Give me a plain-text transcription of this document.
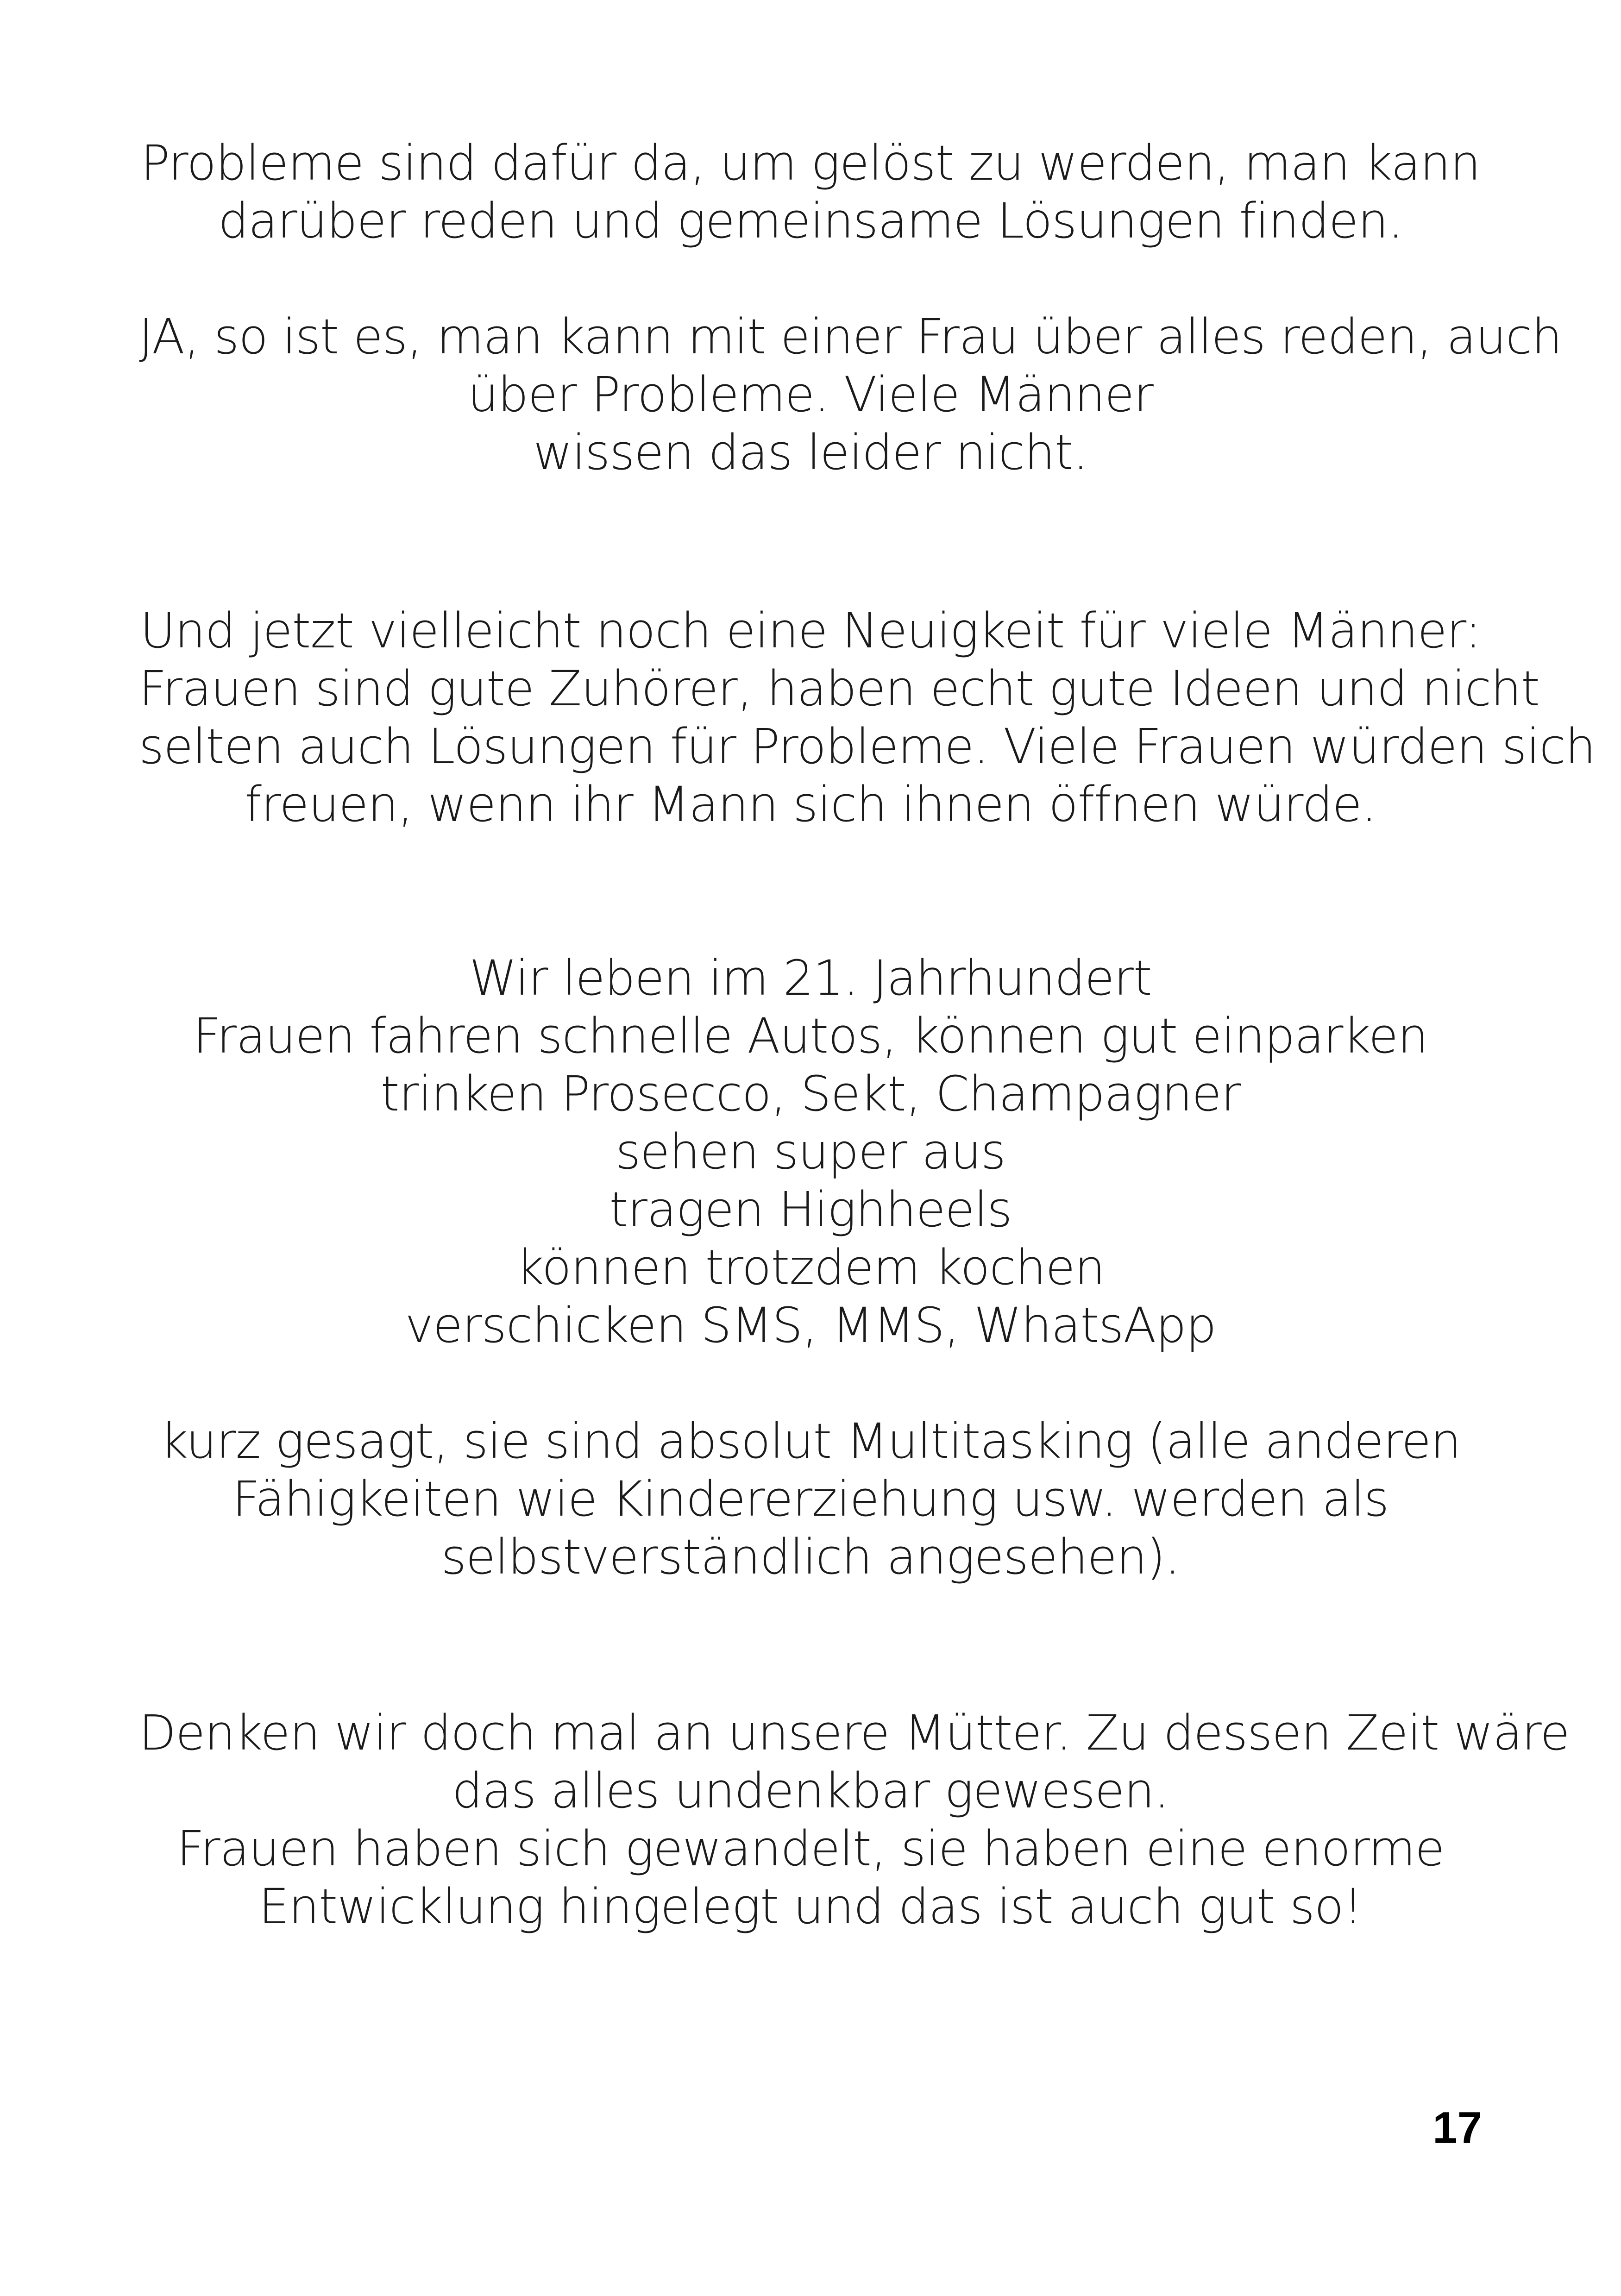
Probleme sind dafür da, um gelöst zu werden, man kann
darüber reden und gemeinsame Lösungen finden.
JA, so ist es, man kann mit einer Frau über alles reden, auch
über Probleme. Viele Männer
wissen das leider nicht.
Und jetzt vielleicht noch eine Neuigkeit für viele Männer:
Frauen sind gute Zuhörer, haben echt gute Ideen und nicht
selten auch Lösungen für Probleme. Viele Frauen würden sich
freuen, wenn ihr Mann sich ihnen öffnen würde.
Wir leben im 21. Jahrhundert
Frauen fahren schnelle Autos, können gut einparken
trinken Prosecco, Sekt, Champagner
sehen super aus
tragen Highheels
können trotzdem kochen
verschicken SMS, MMS, WhatsApp
kurz gesagt, sie sind absolut Multitasking (alle anderen
Fähigkeiten wie Kindererziehung usw. werden als
selbstverständlich angesehen).
Denken wir doch mal an unsere Mütter. Zu dessen Zeit wäre
das alles undenkbar gewesen.
Frauen haben sich gewandelt, sie haben eine enorme
Entwicklung hingelegt und das ist auch gut so!
17
